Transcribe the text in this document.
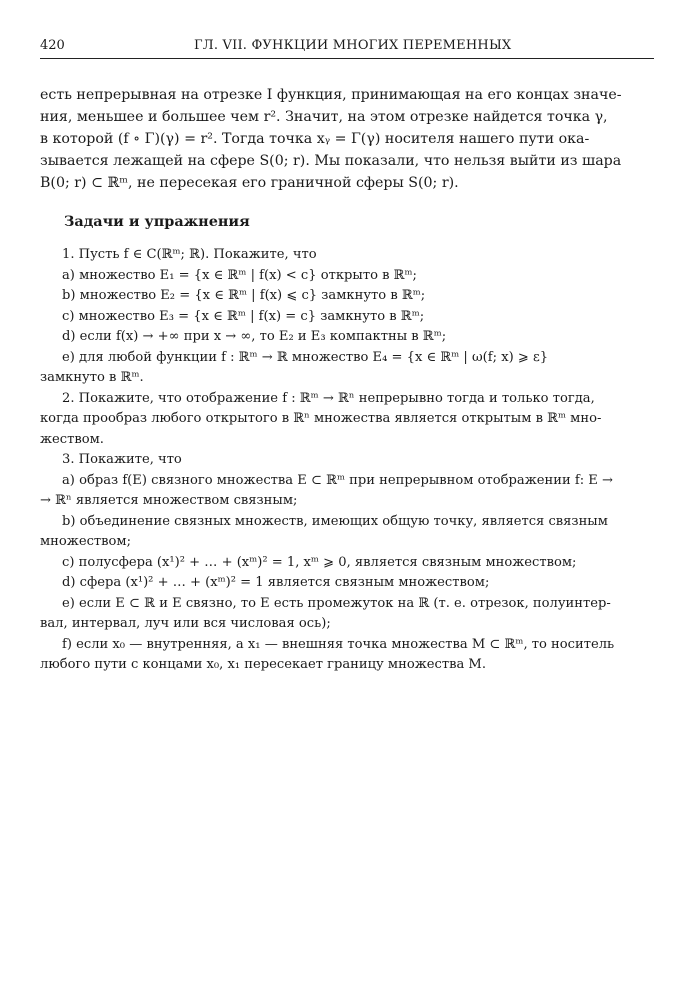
420	ГЛ. VII. ФУНКЦИИ МНОГИХ ПЕРЕМЕННЫХ
есть непрерывная на отрезке I функция, принимающая на его концах значе-
ния, меньшее и большее чем r². Значит, на этом отрезке найдется точка γ,
в которой (f ∘ Γ)(γ) = r². Тогда точка xᵧ = Γ(γ) носителя нашего пути ока-
зывается лежащей на сфере S(0; r). Мы показали, что нельзя выйти из шара
B(0; r) ⊂ ℝᵐ, не пересекая его граничной сферы S(0; r).
Задачи и упражнения
1. Пусть f ∈ C(ℝᵐ; ℝ). Покажите, что
a) множество E₁ = {x ∈ ℝᵐ | f(x) < c} открыто в ℝᵐ;
b) множество E₂ = {x ∈ ℝᵐ | f(x) ⩽ c} замкнуто в ℝᵐ;
c) множество E₃ = {x ∈ ℝᵐ | f(x) = c} замкнуто в ℝᵐ;
d) если f(x) → +∞ при x → ∞, то E₂ и E₃ компактны в ℝᵐ;
e) для любой функции f : ℝᵐ → ℝ множество E₄ = {x ∈ ℝᵐ | ω(f; x) ⩾ ε}
замкнуто в ℝᵐ.
2. Покажите, что отображение f : ℝᵐ → ℝⁿ непрерывно тогда и только тогда,
когда прообраз любого открытого в ℝⁿ множества является открытым в ℝᵐ мно-
жеством.
3. Покажите, что
a) образ f(E) связного множества E ⊂ ℝᵐ при непрерывном отображении f: E →
→ ℝⁿ является множеством связным;
b) объединение связных множеств, имеющих общую точку, является связным
множеством;
c) полусфера (x¹)² + … + (xᵐ)² = 1, xᵐ ⩾ 0, является связным множеством;
d) сфера (x¹)² + … + (xᵐ)² = 1 является связным множеством;
e) если E ⊂ ℝ и E связно, то E есть промежуток на ℝ (т. е. отрезок, полуинтер-
вал, интервал, луч или вся числовая ось);
f) если x₀ — внутренняя, а x₁ — внешняя точка множества M ⊂ ℝᵐ, то носитель
любого пути с концами x₀, x₁ пересекает границу множества M.
